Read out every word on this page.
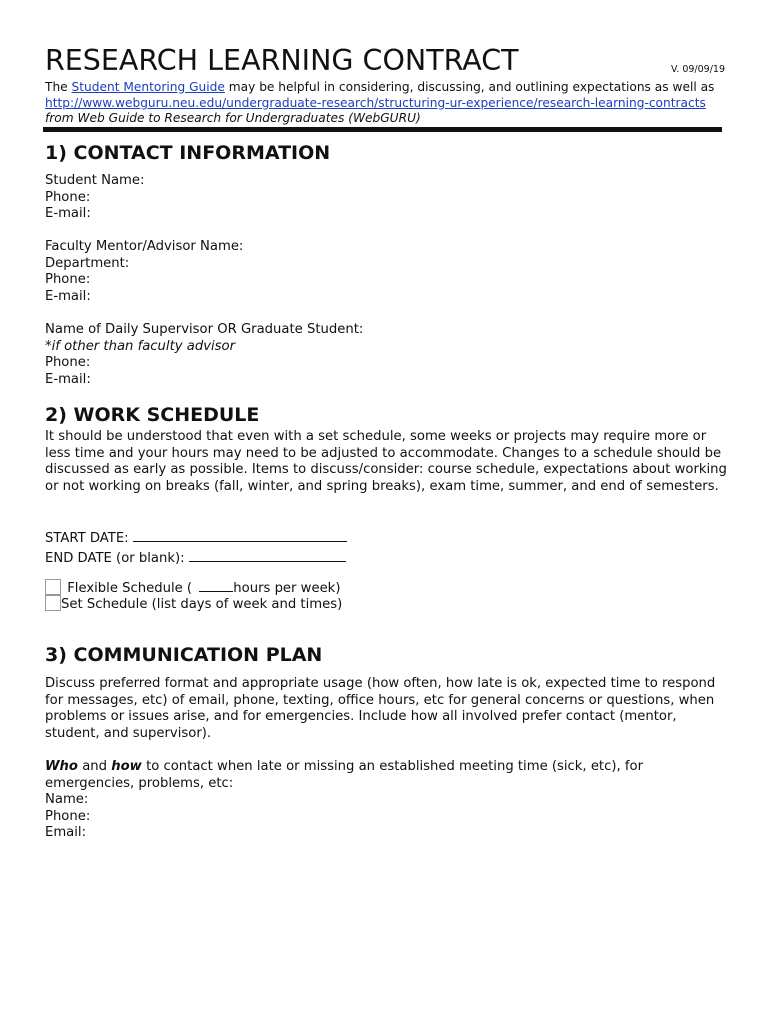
RESEARCH LEARNING CONTRACT	V. 09/09/19
The Student Mentoring Guide may be helpful in considering, discussing, and outlining expectations as well as http://www.webguru.neu.edu/undergraduate-research/structuring-ur-experience/research-learning-contracts from Web Guide to Research for Undergraduates (WebGURU)
1) CONTACT INFORMATION
Student Name:
Phone:
E-mail:
Faculty Mentor/Advisor Name:
Department:
Phone:
E-mail:
Name of Daily Supervisor OR Graduate Student:
*if other than faculty advisor
Phone:
E-mail:
2) WORK SCHEDULE
It should be understood that even with a set schedule, some weeks or projects may require more or less time and your hours may need to be adjusted to accommodate. Changes to a schedule should be discussed as early as possible. Items to discuss/consider: course schedule, expectations about working or not working on breaks (fall, winter, and spring breaks), exam time, summer, and end of semesters.
START DATE:
END DATE (or blank):
Flexible Schedule (	hours per week)
Set Schedule (list days of week and times)
3) COMMUNICATION PLAN
Discuss preferred format and appropriate usage (how often, how late is ok, expected time to respond for messages, etc) of email, phone, texting, office hours, etc for general concerns or questions, when problems or issues arise, and for emergencies. Include how all involved prefer contact (mentor, student, and supervisor).
Who and how to contact when late or missing an established meeting time (sick, etc), for emergencies, problems, etc:
Name:
Phone:
Email:
